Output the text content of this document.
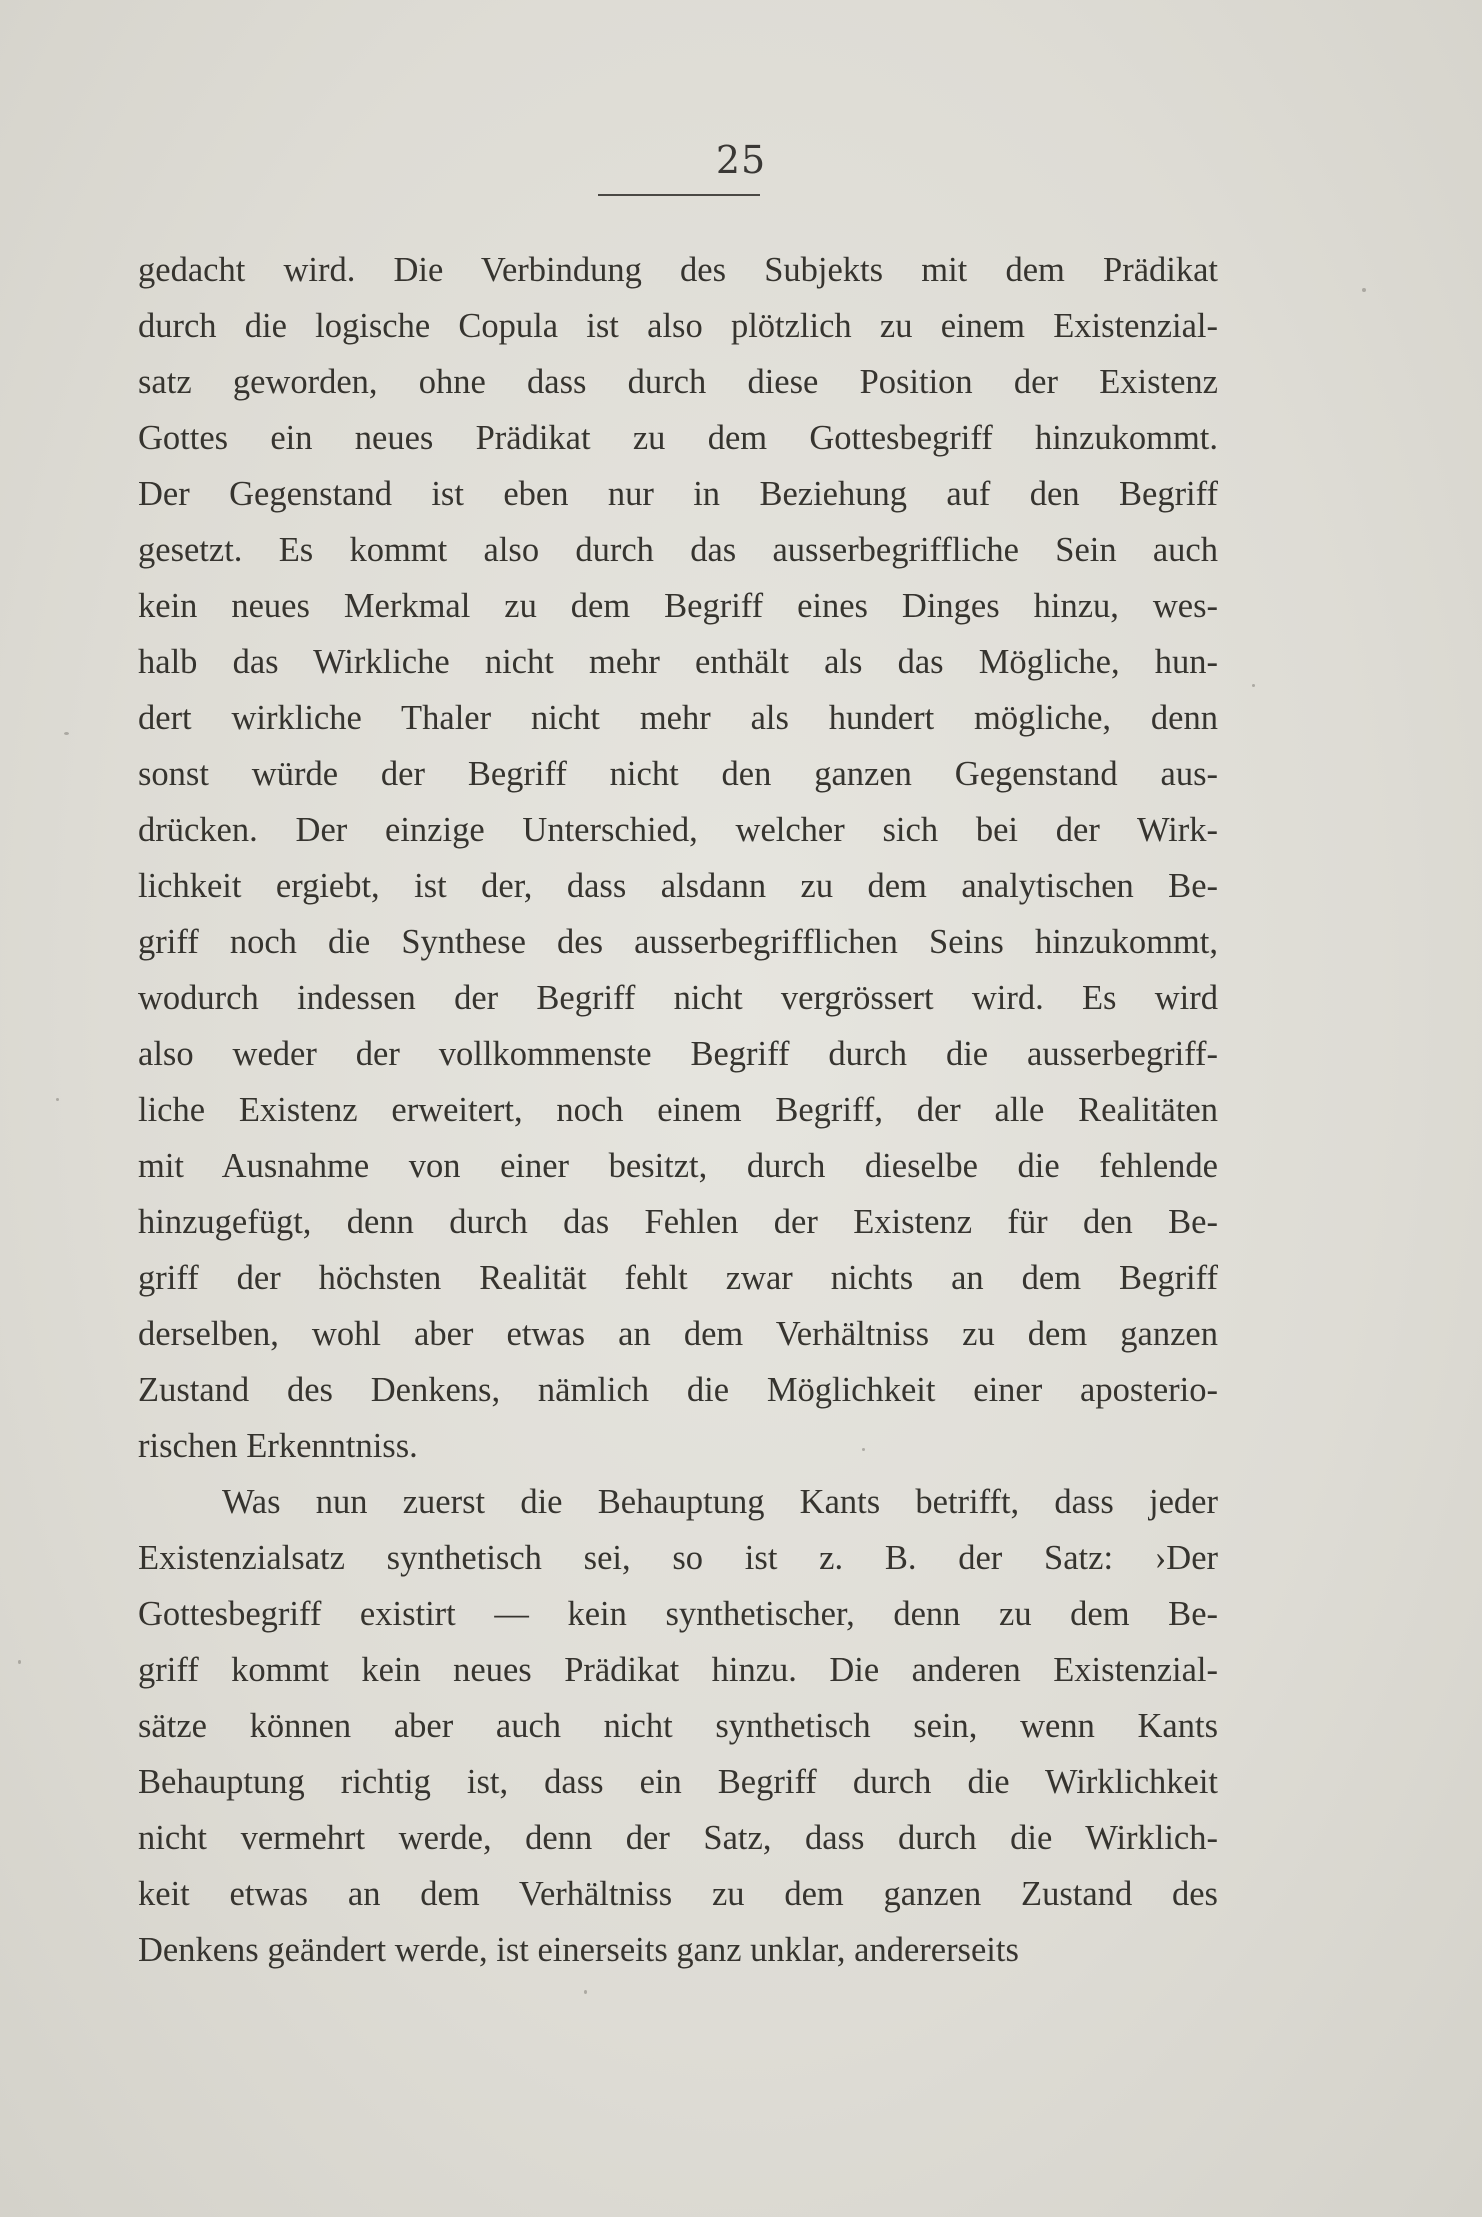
25
gedacht wird. Die Verbindung des Subjekts mit dem Prädikat
durch die logische Copula ist also plötzlich zu einem Existenzial-
satz geworden, ohne dass durch diese Position der Existenz
Gottes ein neues Prädikat zu dem Gottesbegriff hinzukommt.
Der Gegenstand ist eben nur in Beziehung auf den Begriff
gesetzt. Es kommt also durch das ausserbegriffliche Sein auch
kein neues Merkmal zu dem Begriff eines Dinges hinzu, wes-
halb das Wirkliche nicht mehr enthält als das Mögliche, hun-
dert wirkliche Thaler nicht mehr als hundert mögliche, denn
sonst würde der Begriff nicht den ganzen Gegenstand aus-
drücken. Der einzige Unterschied, welcher sich bei der Wirk-
lichkeit ergiebt, ist der, dass alsdann zu dem analytischen Be-
griff noch die Synthese des ausserbegrifflichen Seins hinzukommt,
wodurch indessen der Begriff nicht vergrössert wird. Es wird
also weder der vollkommenste Begriff durch die ausserbegriff-
liche Existenz erweitert, noch einem Begriff, der alle Realitäten
mit Ausnahme von einer besitzt, durch dieselbe die fehlende
hinzugefügt, denn durch das Fehlen der Existenz für den Be-
griff der höchsten Realität fehlt zwar nichts an dem Begriff
derselben, wohl aber etwas an dem Verhältniss zu dem ganzen
Zustand des Denkens, nämlich die Möglichkeit einer aposterio-
rischen Erkenntniss.
Was nun zuerst die Behauptung Kants betrifft, dass jeder
Existenzialsatz synthetisch sei, so ist z. B. der Satz: ›Der
Gottesbegriff existirt — kein synthetischer, denn zu dem Be-
griff kommt kein neues Prädikat hinzu. Die anderen Existenzial-
sätze können aber auch nicht synthetisch sein, wenn Kants
Behauptung richtig ist, dass ein Begriff durch die Wirklichkeit
nicht vermehrt werde, denn der Satz, dass durch die Wirklich-
keit etwas an dem Verhältniss zu dem ganzen Zustand des
Denkens geändert werde, ist einerseits ganz unklar, andererseits
